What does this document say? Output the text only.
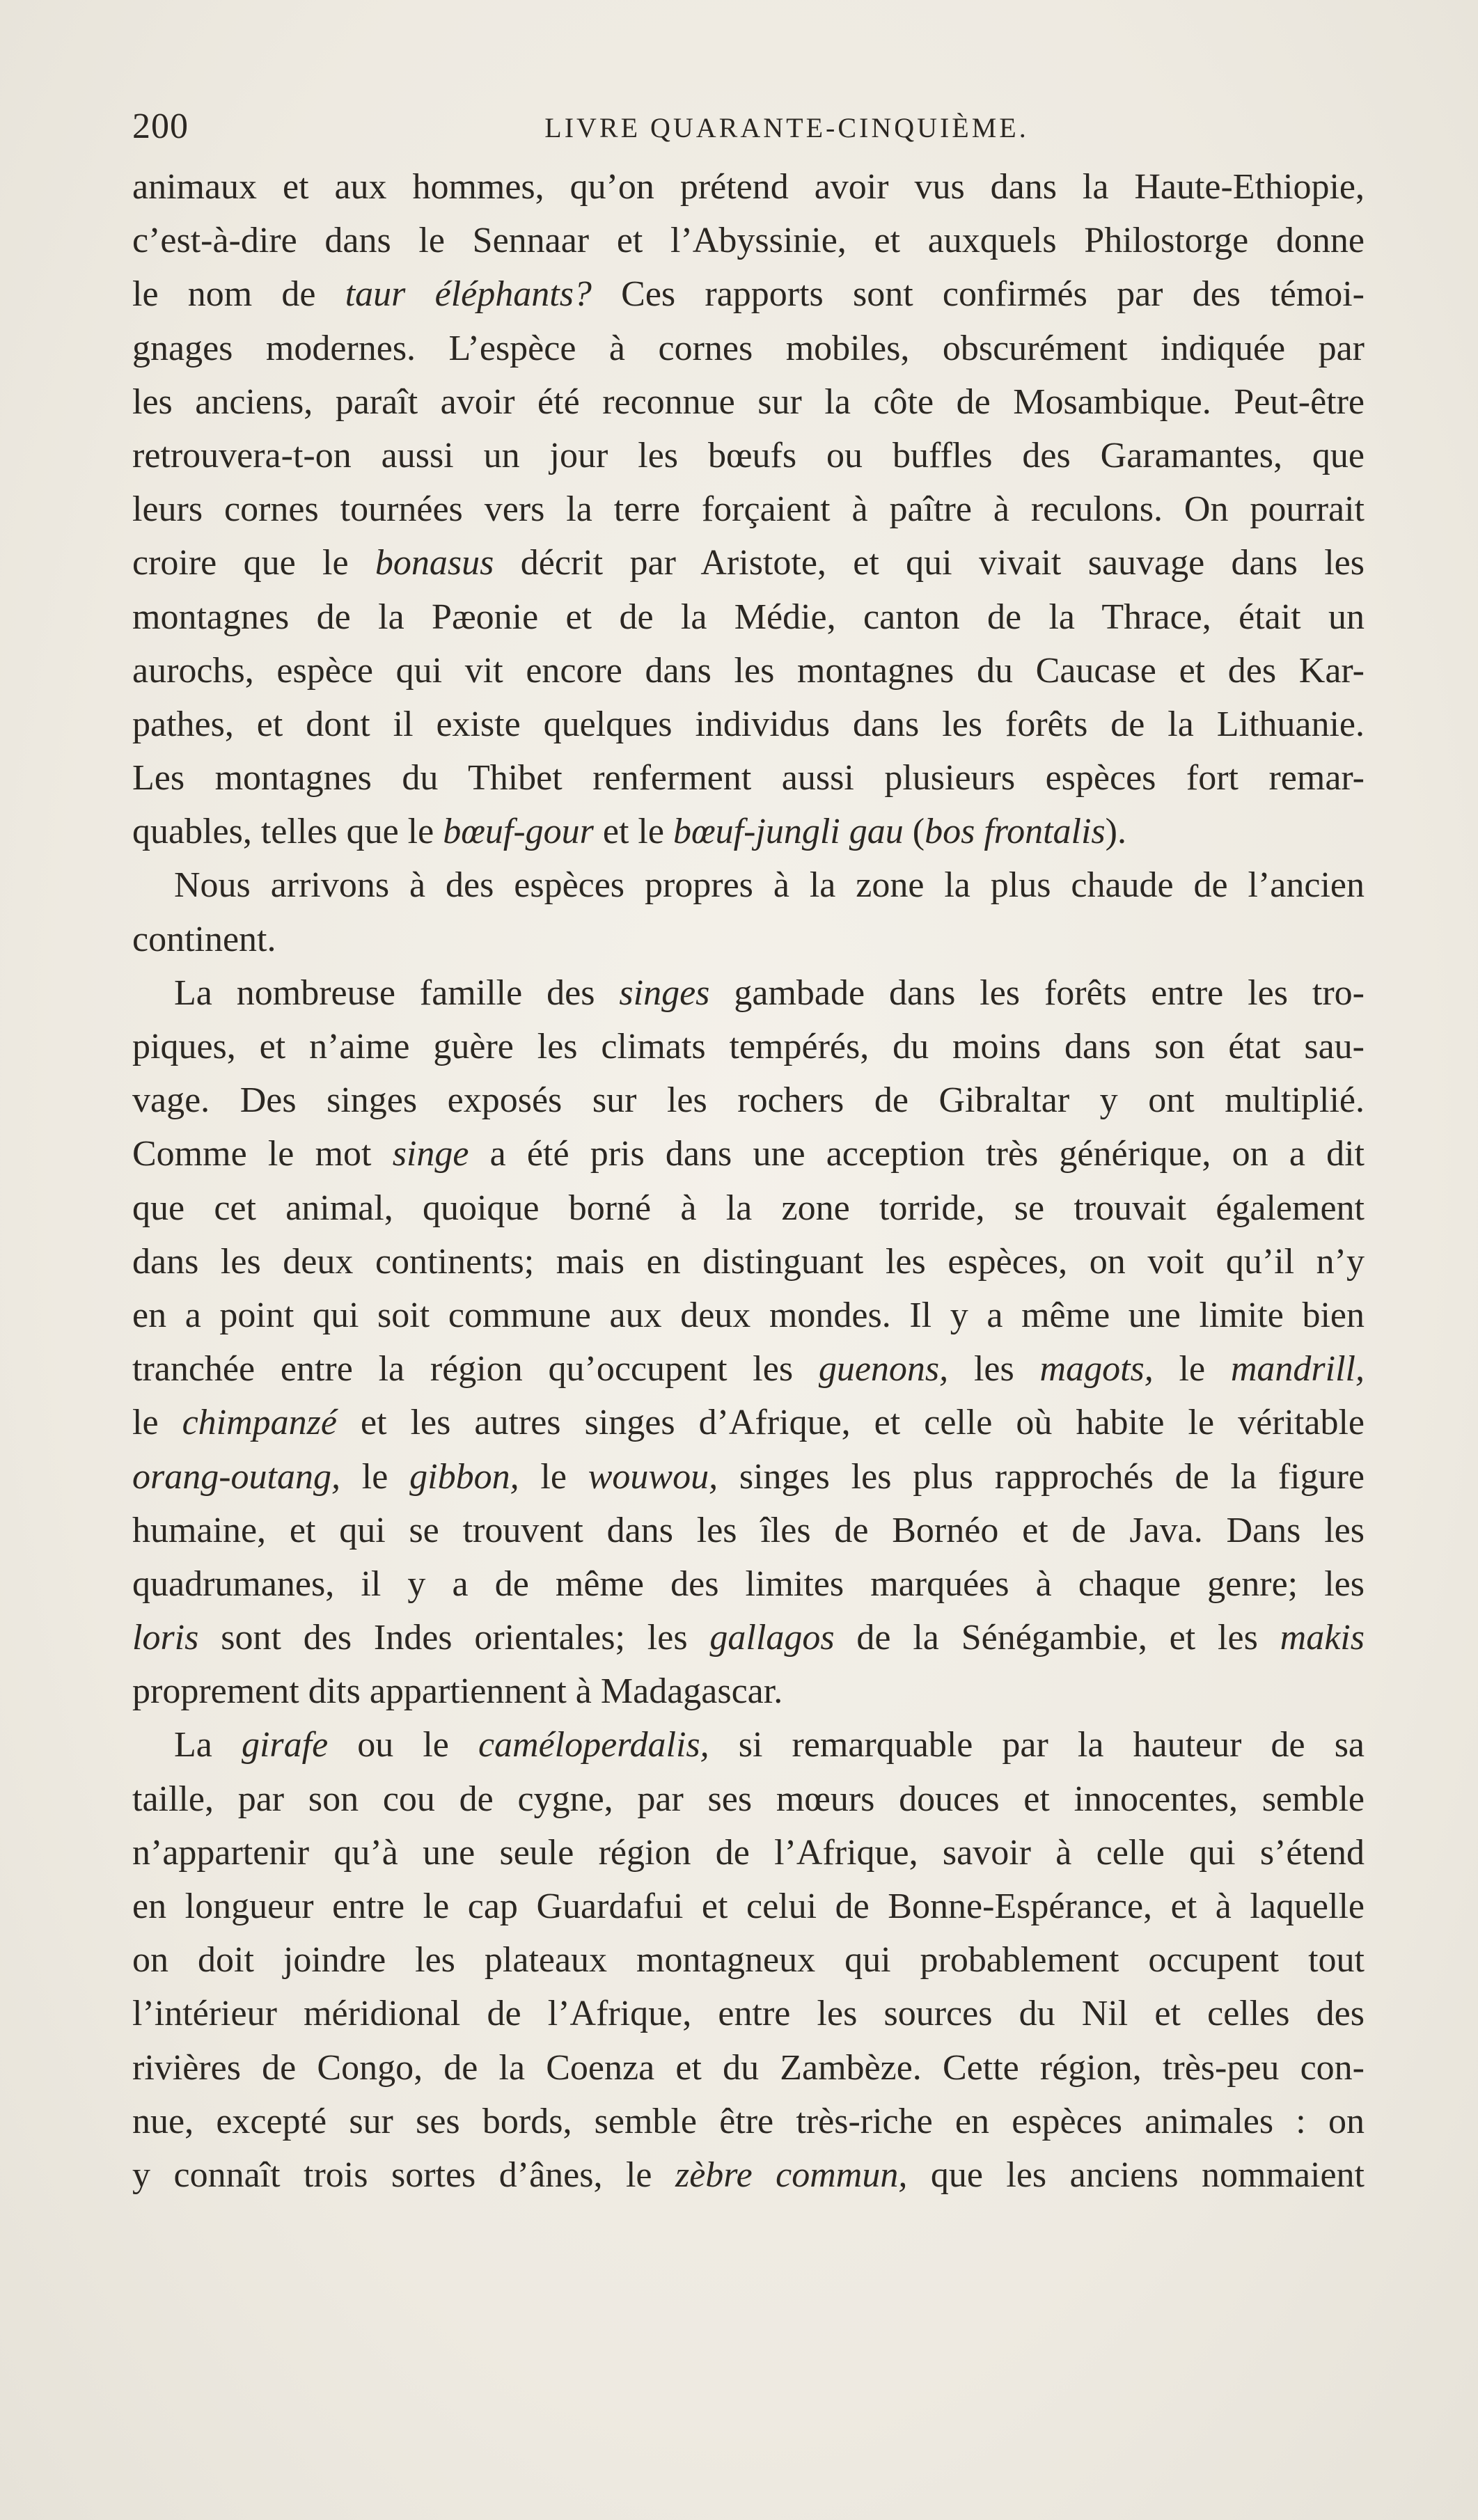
200	LIVRE QUARANTE-CINQUIÈME.
animaux et aux hommes, qu’on prétend avoir vus dans la Haute-Ethiopie,
c’est-à-dire dans le Sennaar et l’Abyssinie, et auxquels Philostorge donne
le nom de taur éléphants? Ces rapports sont confirmés par des témoi-
gnages modernes. L’espèce à cornes mobiles, obscurément indiquée par
les anciens, paraît avoir été reconnue sur la côte de Mosambique. Peut-être
retrouvera-t-on aussi un jour les bœufs ou buffles des Garamantes, que
leurs cornes tournées vers la terre forçaient à paître à reculons. On pourrait
croire que le bonasus décrit par Aristote, et qui vivait sauvage dans les
montagnes de la Pæonie et de la Médie, canton de la Thrace, était un
aurochs, espèce qui vit encore dans les montagnes du Caucase et des Kar-
pathes, et dont il existe quelques individus dans les forêts de la Lithuanie.
Les montagnes du Thibet renferment aussi plusieurs espèces fort remar-
quables, telles que le bœuf-gour et le bœuf-jungli gau (bos frontalis).
Nous arrivons à des espèces propres à la zone la plus chaude de l’ancien
continent.
La nombreuse famille des singes gambade dans les forêts entre les tro-
piques, et n’aime guère les climats tempérés, du moins dans son état sau-
vage. Des singes exposés sur les rochers de Gibraltar y ont multiplié.
Comme le mot singe a été pris dans une acception très générique, on a dit
que cet animal, quoique borné à la zone torride, se trouvait également
dans les deux continents; mais en distinguant les espèces, on voit qu’il n’y
en a point qui soit commune aux deux mondes. Il y a même une limite bien
tranchée entre la région qu’occupent les guenons, les magots, le mandrill,
le chimpanzé et les autres singes d’Afrique, et celle où habite le véritable
orang-outang, le gibbon, le wouwou, singes les plus rapprochés de la figure
humaine, et qui se trouvent dans les îles de Bornéo et de Java. Dans les
quadrumanes, il y a de même des limites marquées à chaque genre; les
loris sont des Indes orientales; les gallagos de la Sénégambie, et les makis
proprement dits appartiennent à Madagascar.
La girafe ou le caméloperdalis, si remarquable par la hauteur de sa
taille, par son cou de cygne, par ses mœurs douces et innocentes, semble
n’appartenir qu’à une seule région de l’Afrique, savoir à celle qui s’étend
en longueur entre le cap Guardafui et celui de Bonne-Espérance, et à laquelle
on doit joindre les plateaux montagneux qui probablement occupent tout
l’intérieur méridional de l’Afrique, entre les sources du Nil et celles des
rivières de Congo, de la Coenza et du Zambèze. Cette région, très-peu con-
nue, excepté sur ses bords, semble être très-riche en espèces animales : on
y connaît trois sortes d’ânes, le zèbre commun, que les anciens nommaient
